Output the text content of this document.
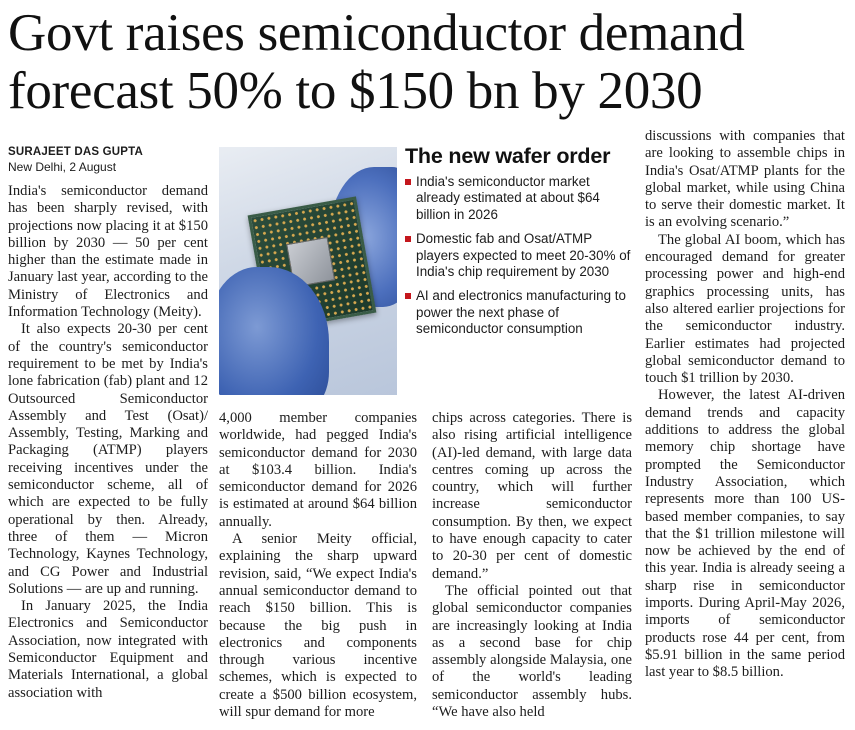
Govt raises semiconductor demand forecast 50% to $150 bn by 2030
SURAJEET DAS GUPTA
New Delhi, 2 August

India's semiconductor demand has been sharply revised, with projections now placing it at $150 billion by 2030 — 50 per cent higher than the estimate made in January last year, according to the Ministry of Electronics and Information Technology (Meity).

It also expects 20-30 per cent of the country's semiconductor requirement to be met by India's lone fabrication (fab) plant and 12 Outsourced Semiconductor Assembly and Test (Osat)/ Assembly, Testing, Marking and Packaging (ATMP) players receiving incentives under the semiconductor scheme, all of which are expected to be fully operational by then. Already, three of them — Micron Technology, Kaynes Technology, and CG Power and Industrial Solutions — are up and running.

In January 2025, the India Electronics and Semiconductor Association, now integrated with Semiconductor Equipment and Materials International, a global association with

The new wafer order
India's semiconductor market already estimated at about $64 billion in 2026
Domestic fab and Osat/ATMP players expected to meet 20-30% of India's chip requirement by 2030
AI and electronics manufacturing to power the next phase of semiconductor consumption

4,000 member companies worldwide, had pegged India's semiconductor demand for 2030 at $103.4 billion. India's semiconductor demand for 2026 is estimated at around $64 billion annually.

A senior Meity official, explaining the sharp upward revision, said, “We expect India's annual semiconductor demand to reach $150 billion. This is because the big push in electronics and components through various incentive schemes, which is expected to create a $500 billion ecosystem, will spur demand for more

chips across categories. There is also rising artificial intelligence (AI)-led demand, with large data centres coming up across the country, which will further increase semiconductor consumption. By then, we expect to have enough capacity to cater to 20-30 per cent of domestic demand.”

The official pointed out that global semiconductor companies are increasingly looking at India as a second base for chip assembly alongside Malaysia, one of the world's leading semiconductor assembly hubs. “We have also held

discussions with companies that are looking to assemble chips in India's Osat/ATMP plants for the global market, while using China to serve their domestic market. It is an evolving scenario.”

The global AI boom, which has encouraged demand for greater processing power and high-end graphics processing units, has also altered earlier projections for the semiconductor industry. Earlier estimates had projected global semiconductor demand to touch $1 trillion by 2030.

However, the latest AI-driven demand trends and capacity additions to address the global memory chip shortage have prompted the Semiconductor Industry Association, which represents more than 100 US-based member companies, to say that the $1 trillion milestone will now be achieved by the end of this year. India is already seeing a sharp rise in semiconductor imports. During April-May 2026, imports of semiconductor products rose 44 per cent, from $5.91 billion in the same period last year to $8.5 billion.
